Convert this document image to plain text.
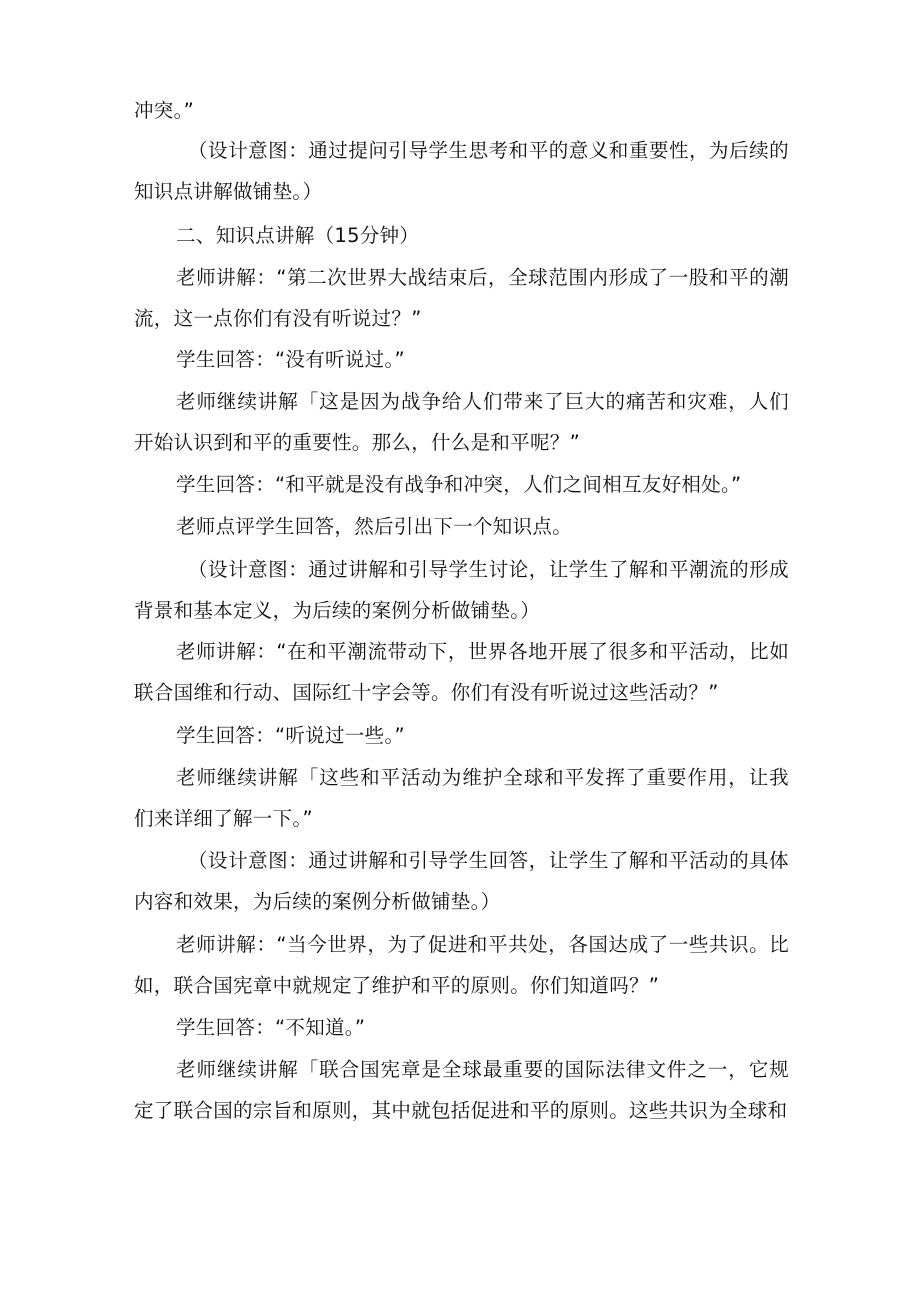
冲突。”

（设计意图：通过提问引导学生思考和平的意义和重要性，为后续的知识点讲解做铺垫。）

二、知识点讲解（15分钟）

老师讲解：“第二次世界大战结束后，全球范围内形成了一股和平的潮流，这一点你们有没有听说过？”

学生回答：“没有听说过。”

老师继续讲解「这是因为战争给人们带来了巨大的痛苦和灾难，人们开始认识到和平的重要性。那么，什么是和平呢？”

学生回答：“和平就是没有战争和冲突，人们之间相互友好相处。”

老师点评学生回答，然后引出下一个知识点。

（设计意图：通过讲解和引导学生讨论，让学生了解和平潮流的形成背景和基本定义，为后续的案例分析做铺垫。）

老师讲解：“在和平潮流带动下，世界各地开展了很多和平活动，比如联合国维和行动、国际红十字会等。你们有没有听说过这些活动？”

学生回答：“听说过一些。”

老师继续讲解「这些和平活动为维护全球和平发挥了重要作用，让我们来详细了解一下。”

（设计意图：通过讲解和引导学生回答，让学生了解和平活动的具体内容和效果，为后续的案例分析做铺垫。）

老师讲解：“当今世界，为了促进和平共处，各国达成了一些共识。比如，联合国宪章中就规定了维护和平的原则。你们知道吗？”

学生回答：“不知道。”

老师继续讲解「联合国宪章是全球最重要的国际法律文件之一，它规定了联合国的宗旨和原则，其中就包括促进和平的原则。这些共识为全球和
